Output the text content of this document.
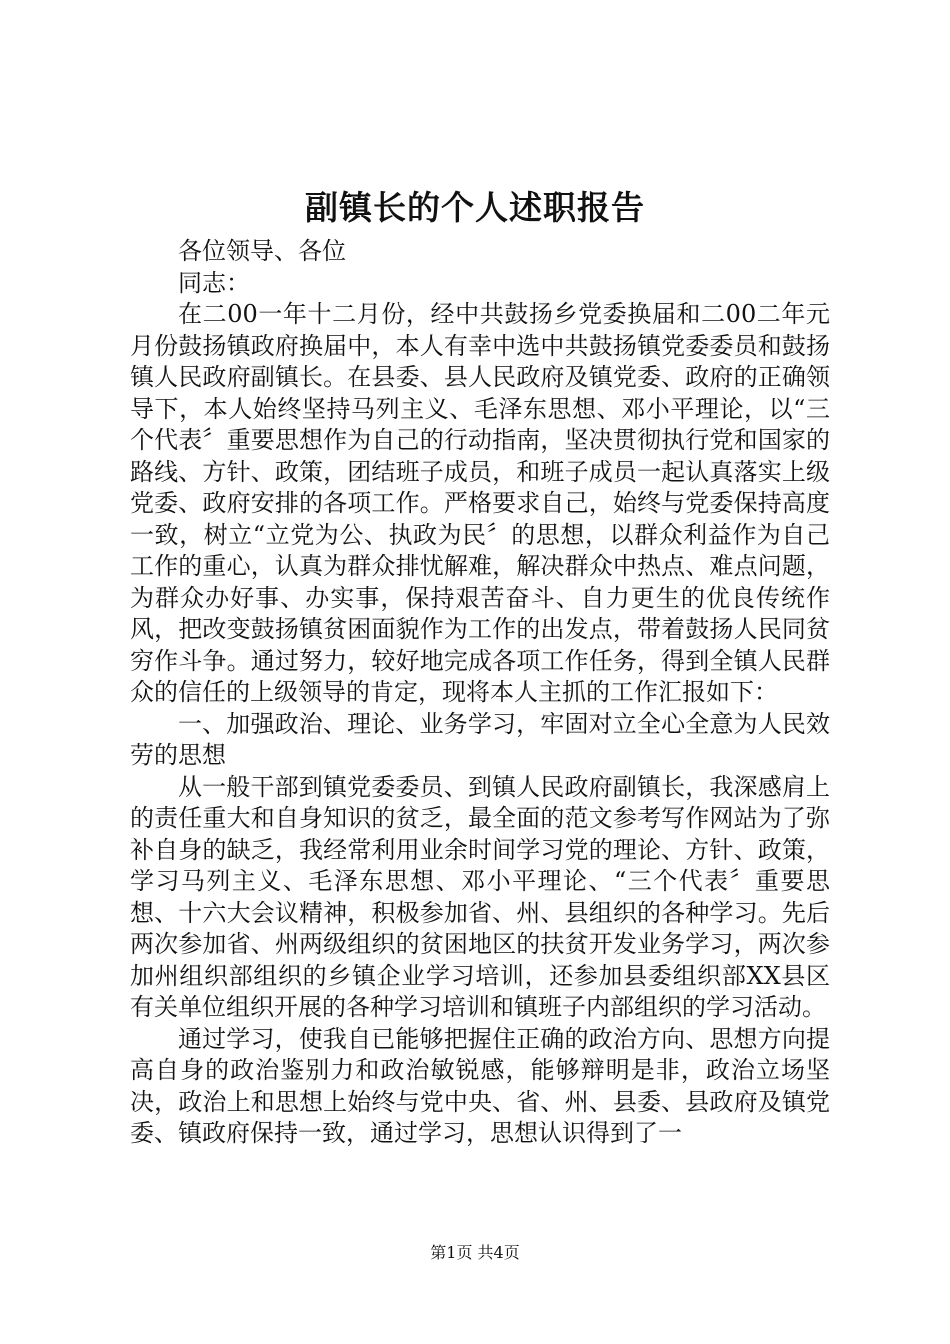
副镇长的个人述职报告

各位领导、各位

同志：

在二00一年十二月份，经中共鼓扬乡党委换届和二00二年元月份鼓扬镇政府换届中，本人有幸中选中共鼓扬镇党委委员和鼓扬镇人民政府副镇长。在县委、县人民政府及镇党委、政府的正确领导下，本人始终坚持马列主义、毛泽东思想、邓小平理论，以“三个代表〞重要思想作为自己的行动指南，坚决贯彻执行党和国家的路线、方针、政策，团结班子成员，和班子成员一起认真落实上级党委、政府安排的各项工作。严格要求自己，始终与党委保持高度一致，树立“立党为公、执政为民〞的思想，以群众利益作为自己工作的重心，认真为群众排忧解难，解决群众中热点、难点问题，为群众办好事、办实事，保持艰苦奋斗、自力更生的优良传统作风，把改变鼓扬镇贫困面貌作为工作的出发点，带着鼓扬人民同贫穷作斗争。通过努力，较好地完成各项工作任务，得到全镇人民群众的信任的上级领导的肯定，现将本人主抓的工作汇报如下：

一、加强政治、理论、业务学习，牢固对立全心全意为人民效劳的思想

从一般干部到镇党委委员、到镇人民政府副镇长，我深感肩上的责任重大和自身知识的贫乏，最全面的范文参考写作网站为了弥补自身的缺乏，我经常利用业余时间学习党的理论、方针、政策，学习马列主义、毛泽东思想、邓小平理论、“三个代表〞重要思想、十六大会议精神，积极参加省、州、县组织的各种学习。先后两次参加省、州两级组织的贫困地区的扶贫开发业务学习，两次参加州组织部组织的乡镇企业学习培训，还参加县委组织部XX县区有关单位组织开展的各种学习培训和镇班子内部组织的学习活动。

通过学习，使我自已能够把握住正确的政治方向、思想方向提高自身的政治鉴别力和政治敏锐感，能够辩明是非，政治立场坚决，政治上和思想上始终与党中央、省、州、县委、县政府及镇党委、镇政府保持一致，通过学习，思想认识得到了一

第1页 共4页
